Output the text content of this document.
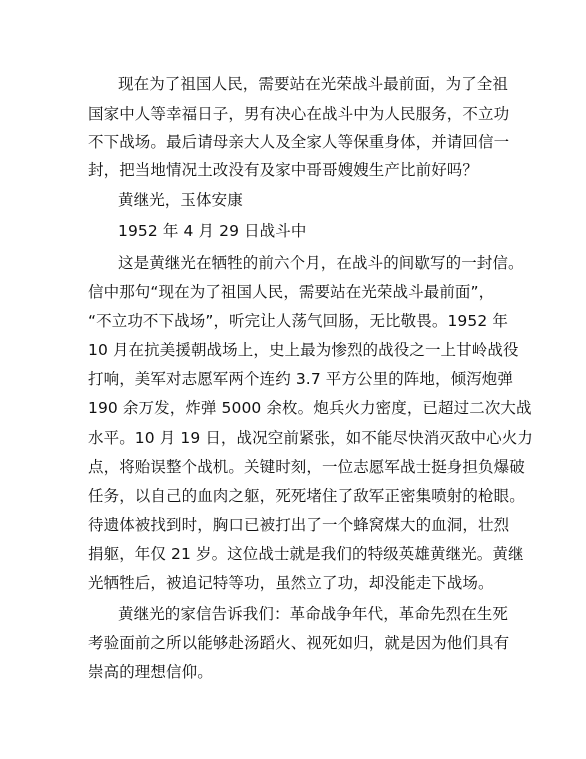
现在为了祖国人民，需要站在光荣战斗最前面，为了全祖
国家中人等幸福日子，男有决心在战斗中为人民服务，不立功
不下战场。最后请母亲大人及全家人等保重身体，并请回信一
封，把当地情况土改没有及家中哥哥嫂嫂生产比前好吗？
黄继光，玉体安康
1952 年 4 月 29 日战斗中
这是黄继光在牺牲的前六个月，在战斗的间歇写的一封信。
信中那句“现在为了祖国人民，需要站在光荣战斗最前面”，
“不立功不下战场”，听完让人荡气回肠，无比敬畏。1952 年
10 月在抗美援朝战场上，史上最为惨烈的战役之一上甘岭战役
打响，美军对志愿军两个连约 3.7 平方公里的阵地，倾泻炮弹
190 余万发，炸弹 5000 余枚。炮兵火力密度，已超过二次大战
水平。10 月 19 日，战况空前紧张，如不能尽快消灭敌中心火力
点，将贻误整个战机。关键时刻，一位志愿军战士挺身担负爆破
任务，以自己的血肉之躯，死死堵住了敌军正密集喷射的枪眼。
待遗体被找到时，胸口已被打出了一个蜂窝煤大的血洞，壮烈
捐躯，年仅 21 岁。这位战士就是我们的特级英雄黄继光。黄继
光牺牲后，被追记特等功，虽然立了功，却没能走下战场。
黄继光的家信告诉我们：革命战争年代，革命先烈在生死
考验面前之所以能够赴汤蹈火、视死如归，就是因为他们具有
崇高的理想信仰。
